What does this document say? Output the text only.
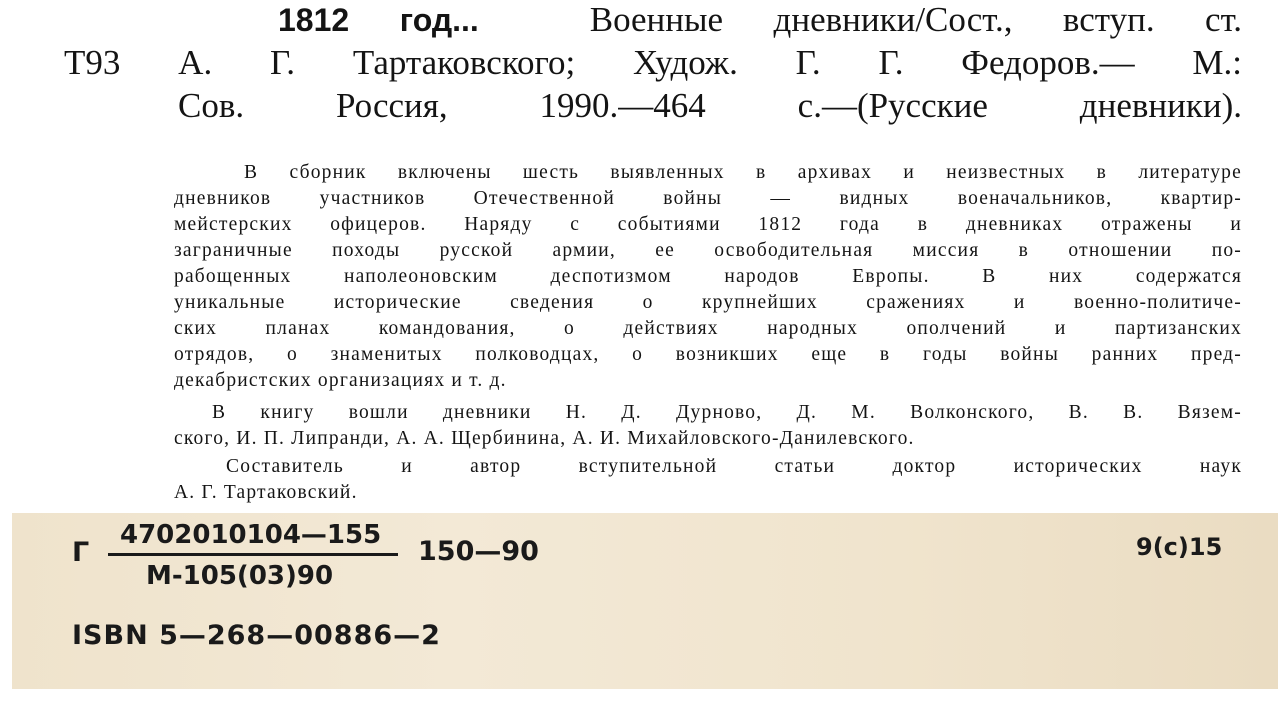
1812 год...	Военные дневники/Сост., вступ. ст.
Т93 А. Г. Тартаковского; Худож. Г. Г. Федоров.— М.:
Сов. Россия, 1990.—464 с.—(Русские дневники).
В сборник включены шесть выявленных в архивах и неизвестных в литературе
дневников участников Отечественной войны — видных военачальников, квартир-
мейстерских офицеров. Наряду с событиями 1812 года в дневниках отражены и
заграничные походы русской армии, ее освободительная миссия в отношении по-
рабощенных наполеоновским деспотизмом народов Европы. В них содержатся
уникальные исторические сведения о крупнейших сражениях и военно-политиче-
ских планах командования, о действиях народных ополчений и партизанских
отрядов, о знаменитых полководцах, о возникших еще в годы войны ранних пред-
декабристских организациях и т. д.
В книгу вошли дневники Н. Д. Дурново, Д. М. Волконского, В. В. Вязем-
ского, И. П. Липранди, А. А. Щербинина, А. И. Михайловского-Данилевского.
Составитель и автор вступительной статьи доктор исторических наук
А. Г. Тартаковский.
Г
4702010104—155
М-105(03)90
150—90	9(с)15
ISBN 5—268—00886—2
